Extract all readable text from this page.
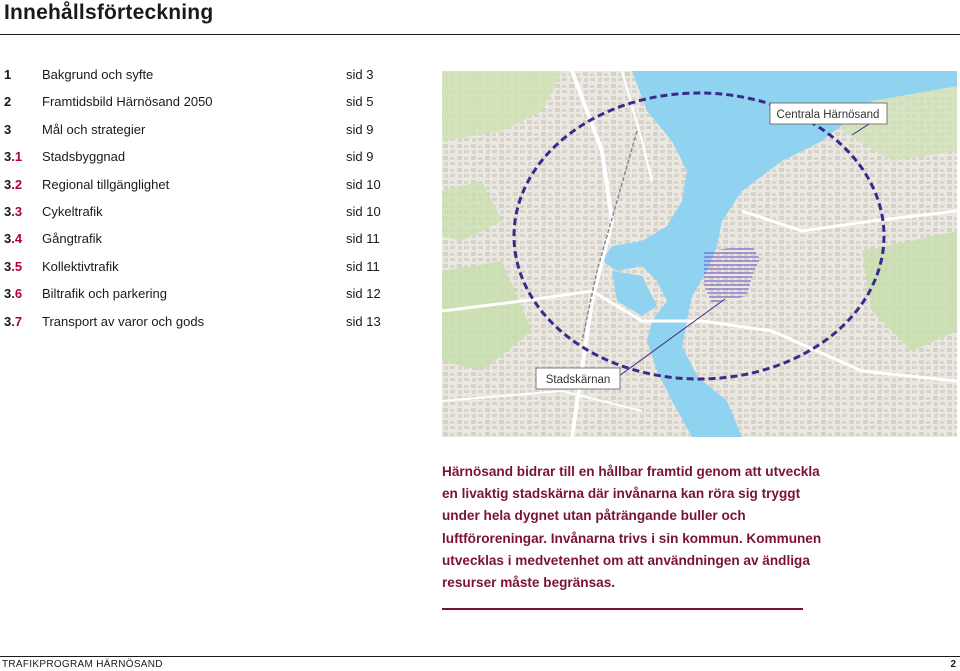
Innehållsförteckning
1 Bakgrund och syfte	sid 3
2 Framtidsbild Härnösand 2050	sid 5
3 Mål och strategier	sid 9
3.1 Stadsbyggnad	sid 9
3.2 Regional tillgänglighet	sid 10
3.3 Cykeltrafik	sid 10
3.4 Gångtrafik	sid 11
3.5 Kollektivtrafik	sid 11
3.6 Biltrafik och parkering	sid 12
3.7 Transport av varor och gods	sid 13
Centrala Härnösand
Stadskärnan
Härnösand bidrar till en hållbar framtid genom att utveckla en livaktig stadskärna där invånarna kan röra sig tryggt under hela dygnet utan påträngande buller och luftföroreningar. Invånarna trivs i sin kommun. Kommunen utvecklas i medvetenhet om att användningen av ändliga resurser måste begränsas.
TRAFIKPROGRAM HÄRNÖSAND	2
